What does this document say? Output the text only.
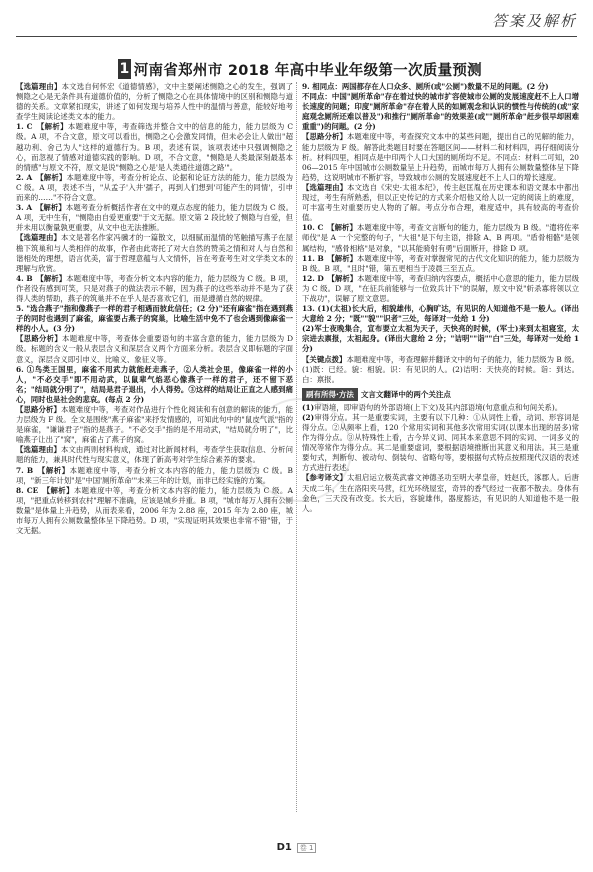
答案及解析
1 河南省郑州市 2018 年高中毕业年级第一次质量预测

【选篇理由】本文选自何怀宏《道德情感》，文中主要阐述恻隐之心的发生，强调了恻隐之心是无条件具有道德价值的，分析了恻隐之心在具体情境中的区别和恻隐与道德的关系。文章紧扣现实，讲述了如何发现与培养人性中的温情与善意，能较好地考查学生阅读论述类文本的能力。

1. C　【解析】本题难度中等，考查筛选并整合文中的信息的能力，能力层级为 C 级。A 项，不合文意，原文可以看出，恻隐之心会激发同情，但未必会让人做出"超越功利、舍己为人"这样的道德行为。B 项，表述有误，该项表述中只强调恻隐之心，而忽视了情感对道德实践的影响。D 项，不合文意，"恻隐是人类最深刻最基本的情感"与原文不符，原文是说"恻隐之心是'是人类通往道德之路'"。

2. A　【解析】本题难度中等，考查分析论点、论据和论证方法的能力，能力层级为 C 级。A 项，表述不当，"从孟子'入井'孺子，再到人们想到'可能产生的同情'，引申而来的……"不符合文意。

3. A　【解析】本题考查分析概括作者在文中的观点态度的能力，能力层级为 C 级。A 项，无中生有，"恻隐由自爱更重要"于文无据。原文第 2 段比较了恻隐与自爱，但并未用以衡量孰更重要，从文中也无法推断。

【选篇理由】本文是著名作家冯骥才的一篇散文，以细腻而温情的笔触描写燕子在屋檐下筑巢和与人类相伴的故事，作者由此寄托了对大自然的赞美之情和对人与自然和谐相处的理想，语言优美，富于哲理意蕴与人文情怀，旨在考查考生对文学类文本的理解与欣赏。

4. B　【解析】本题难度中等，考查分析文本内容的能力，能力层级为 C 级。B 项，作者没有感到可笑，只是对燕子的做法表示不解，因为燕子的这些举动并不是为了获得人类的帮助，燕子的筑巢并不在乎人是否喜欢它们，而是遵循自然的规律。

5. "选合燕子"指和像燕子一样的君子相遇而彼此信任；(2 分)"还有麻雀"指在遇到燕子的同时也遇到了麻雀，麻雀要占燕子的窝巢，比喻生活中免不了也会遇到像麻雀一样的小人。(3 分)

【思路分析】本题难度中等，考查体会重要语句的丰富含意的能力，能力层级为 D 级。标题的含义一般从表层含义和深层含义两个方面来分析。表层含义即标题的字面意义，深层含义即引申义、比喻义、象征义等。

6. ①鸟类王国里，麻雀不用武力就能赶走燕子，②人类社会里，像麻雀一样的小人，"不必交手"即不用动武，以鼠辈气焰恶心像燕子一样的君子，还不留下恶名；"结局就分明了"，结局是君子退出，小人得势。③这样的结局让正直之人感到痛心，同时也是社会的悲哀。(每点 2 分)

【思路分析】本题难度中等，考查对作品进行个性化阅读和有创意的解读的能力，能力层级为 F 级。全文是围绕"燕子麻雀"来抒发情感的，可知此句中的"鼠皮气派"指的是麻雀，"谦谦君子"指的是燕子。"不必交手"指的是不用动武，"结局就分明了"，比喻燕子让出了"窝"，麻雀占了燕子的窝。

【选篇理由】本文由两则材料构成，通过对比新闻材料，考查学生获取信息、分析问题的能力，兼具时代性与现实意义，体现了新高考对学生综合素养的要求。

7. B　【解析】本题难度中等，考查分析文本内容的能力，能力层级为 C 级。B 项，"新三年计划"是"中国'厕所革命'"未来三年的计划，而非已经实施的方案。

8. CE　【解析】本题难度中等，考查分析文本内容的能力，能力层级为 C 级。A 项，"把重点转移到农村"理解不准确，应该是城乡并重。B 项，"城市每万人拥有公厕数量"是体量上升趋势，从而表来看，2006 年为 2.88 座，2015 年为 2.80 座，城市每万人拥有公厕数量整体呈下降趋势。D 项，"实现证明其效果也非常不错"错，于文无据。

9. 相同点：两国都存在人口众多、厕所(或"公厕")数量不足的问题。(2 分)

不同点：中国"厕所革命"存在着过快的城市扩容使城市公厕的发展速度赶不上人口增长速度的问题；印度"厕所革命"存在着人民的如厕观念和认识的惯性与传统的(或"家庭观念厕所还难以普及")和推行"厕所革命"的效果差(或""厕所革命"赶步很早却困难重重")的问题。(2 分)

【思路分析】本题难度中等，考查探究文本中的某些问题，提出自己的见解的能力，能力层级为 F 级。解答此类题目时要在答题区间——材料二和材料四，再仔细阅读分析。材料四里，相同点是中印两个人口大国的厕所均不足。不同点：材料二可知，2006—2015 年中国城市公厕数量呈上升趋势，而城市每万人拥有公厕数量整体呈下降趋势，这说明城市不断扩容，导致城市公厕的发展速度赶不上人口的增长速度。

【选篇理由】本文选自《宋史·太祖本纪》，传主赵匡胤在历史课本和语文课本中都出现过，考生有所熟悉，但以正史传记的方式来介绍他又给人以一定的阅读上的难度，可丰富考生对重要历史人物的了解。考点分布合理，难度适中，具有较高的考查价值。

10. C　【解析】本题难度中等，考查文言断句的能力，能力层级为 B 级。"遣将佐率师伐"是 A 一个完整的句子，"大祖"是下句主语，排除 A、B 两项。"盾骨相骼"是领属结构，"感骨相格"是对象，"以其能骑射有勇"后面断开，排除 D 项。

11. B　【解析】本题难度中等，考查对掌握常见的古代文化知识的能力，能力层级为 B 级。B 项，"且时"错，第五更相当于凌晨三至五点。

12. D　【解析】本题难度中等，考查归纳内容要点，概括中心意思的能力，能力层级为 C 级。D 项，"在征兵前能够与一位致兵计下"的误解，原文中说"斩杀寡将领以立下战功"，误解了原文意思。

13. (1)(太祖)长大后，相貌雄伟，心胸旷达，有见识的人知道他不是一般人。(译出大意给 2 分；"既""貌""识者"三处，每译对一处给 1 分)

(2)军士夜晚集合，宣布要立太祖为天子，天快亮的时候，(军士)来到太祖寝室，太宗进去禀报，太祖起身。(译出大意给 2 分；"诘明""诣""白"三处，每译对一处给 1 分)

【关键点拨】本题难度中等，考查理解并翻译文中的句子的能力，能力层级为 B 级。(1)既：已经。貌：相貌。识：有见识的人。(2)诘明：天快亮的时候。诣：到达。白：禀报。

刷有所得·方法 文言文翻译中的两个关注点

(1)审语境，即审语句的外部语境(上下文)及其内部语境(句意重点和句间关系)。

(2)审得分点。其一是重要实词，主要有以下几种：①从词性上看，动词、形容词是得分点。②从频率上看，120 个常用实词和其他多次常用实词(以课本出现的居多)常作为得分点。③从特殊性上看，古今异义词、同其本来意思不同的实词、一词多义的情况等常作为得分点。其二是重要虚词，要根据语境推断出其意义和用法。其三是重要句式，判断句、被动句、倒装句、省略句等，要根据句式特点按照现代汉语的表述方式进行表述。

【参考译文】太祖启运立极英武睿文神德圣功至明大孝皇帝，姓赵氏，涿郡人。后唐天成二年，生在洛阳夹马营，红光环绕屋室，奇异的香气经过一夜都不散去。身体有金色，三天没有改变。长大后，容貌雄伟，器度豁达，有见识的人知道他不是一般人。

D1 卷 1
